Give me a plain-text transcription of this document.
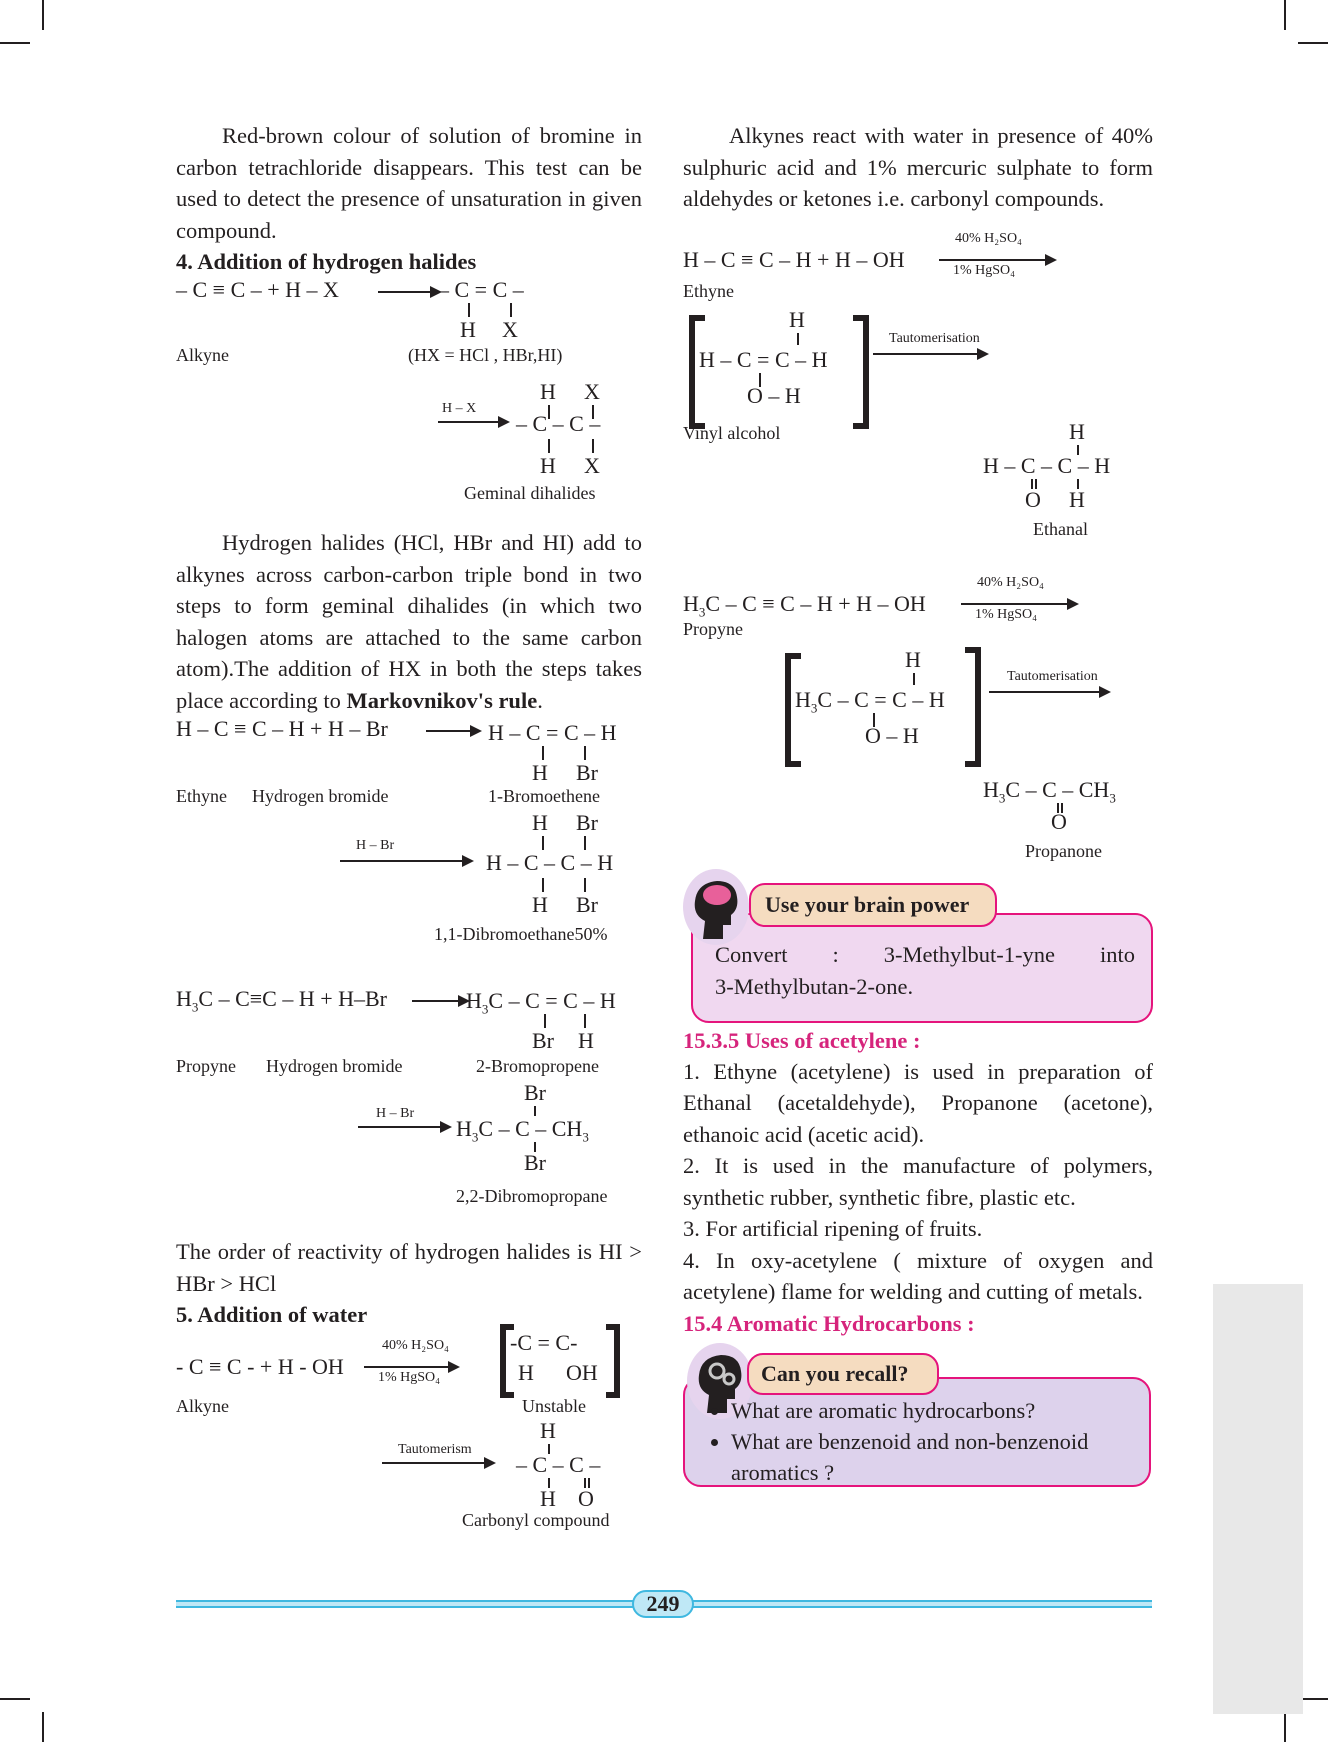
Red-brown colour of solution of bromine in carbon tetrachloride disappears. This test can be used to detect the presence of unsaturation in given compound.

4. Addition of hydrogen halides
– C ≡ C – + H – X	– C = C –
H X
Alkyne	(HX = HCl , HBr,HI)
H X
H – X
– C – C –
H X
Geminal dihalides

Hydrogen halides (HCl, HBr and HI) add to alkynes across carbon-carbon triple bond in two steps to form geminal dihalides (in which two halogen atoms are attached to the same carbon atom).The addition of HX in both the steps takes place according to Markovnikov's rule.

H – C ≡ C – H + H – Br	H – C = C – H
H Br
Ethyne Hydrogen bromide	1-Bromoethene
H Br
H – Br
H – C – C – H
H Br
1,1-Dibromoethane50%
$H_3C - C\equiv C - H + H-Br$	$H_3C - C = C - H$
Br H
Propyne Hydrogen bromide	2-Bromopropene
Br
H – Br
$H_3C$ – C – $CH_3$
Br
2,2-Dibromopropane

The order of reactivity of hydrogen halides is HI > HBr > HCl

5. Addition of water
- C ≡ C - + H - OH
40% H₂SO₄
1% HgSO₄
-C = C-
H OH
Alkyne	Unstable
H
Tautomerism
– C – C –
H O
Carbonyl compound

Alkynes react with water in presence of 40% sulphuric acid and 1% mercuric sulphate to form aldehydes or ketones i.e. carbonyl compounds.

H – C ≡ C – H + H – OH
40% H₂SO₄
1% HgSO₄
Ethyne
H
H – C = C – H
O – H
Tautomerisation
Vinyl alcohol	H
H – C – C – H
O H
Ethanal
$H_3C - C \equiv C - H + H$ – OH
40% H₂SO₄
1% HgSO₄
Propyne
H
$H_3C - C = C - H$
O – H
Tautomerisation
$H_3C$ – C – $CH_3$
O
Propanone
Use your brain power
Convert : 3-Methylbut-1-yne into
3-Methylbutan-2-one.
15.3.5 Uses of acetylene :

1. Ethyne (acetylene) is used in preparation of Ethanal (acetaldehyde), Propanone (acetone), ethanoic acid (acetic acid).

2. It is used in the manufacture of polymers, synthetic rubber, synthetic fibre, plastic etc.

3. For artificial ripening of fruits.

4. In oxy-acetylene ( mixture of oxygen and acetylene) flame for welding and cutting of metals.

15.4 Aromatic Hydrocarbons :
Can you recall?
• What are aromatic hydrocarbons?
• What are benzenoid and non-benzenoid aromatics ?
249
